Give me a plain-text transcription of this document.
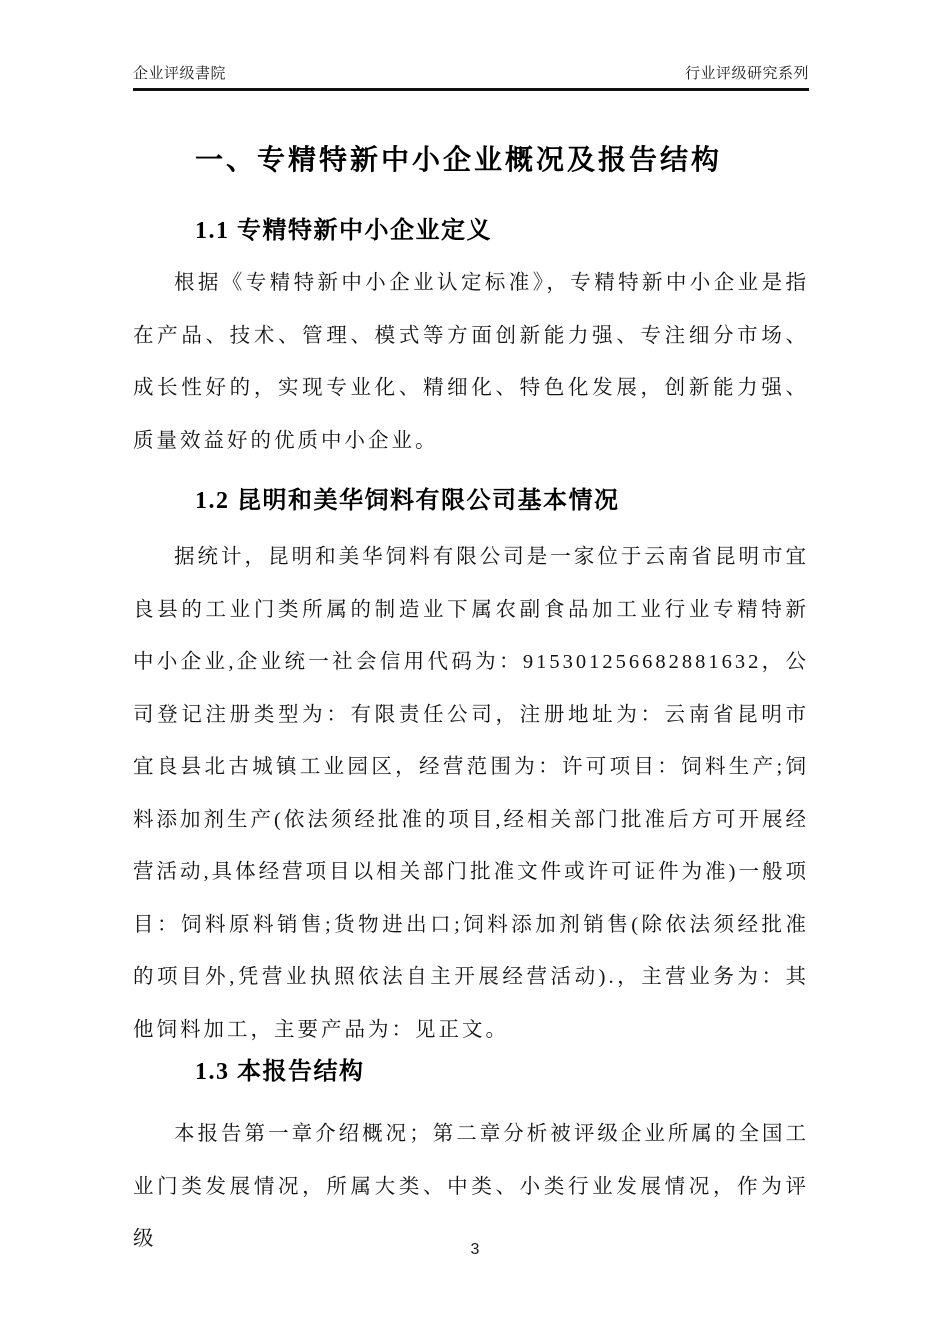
企业评级書院	行业评级研究系列
一、专精特新中小企业概况及报告结构
1.1 专精特新中小企业定义
根据《专精特新中小企业认定标准》，专精特新中小企业是指在产品、技术、管理、模式等方面创新能力强、专注细分市场、成长性好的，实现专业化、精细化、特色化发展，创新能力强、质量效益好的优质中小企业。
1.2 昆明和美华饲料有限公司基本情况
据统计，昆明和美华饲料有限公司是一家位于云南省昆明市宜良县的工业门类所属的制造业下属农副食品加工业行业专精特新中小企业,企业统一社会信用代码为：915301256682881632，公司登记注册类型为：有限责任公司，注册地址为：云南省昆明市宜良县北古城镇工业园区，经营范围为：许可项目：饲料生产;饲料添加剂生产(依法须经批准的项目,经相关部门批准后方可开展经营活动,具体经营项目以相关部门批准文件或许可证件为准)一般项目：饲料原料销售;货物进出口;饲料添加剂销售(除依法须经批准的项目外,凭营业执照依法自主开展经营活动).，主营业务为：其他饲料加工，主要产品为：见正文。
1.3 本报告结构
本报告第一章介绍概况；第二章分析被评级企业所属的全国工业门类发展情况，所属大类、中类、小类行业发展情况，作为评级	3
